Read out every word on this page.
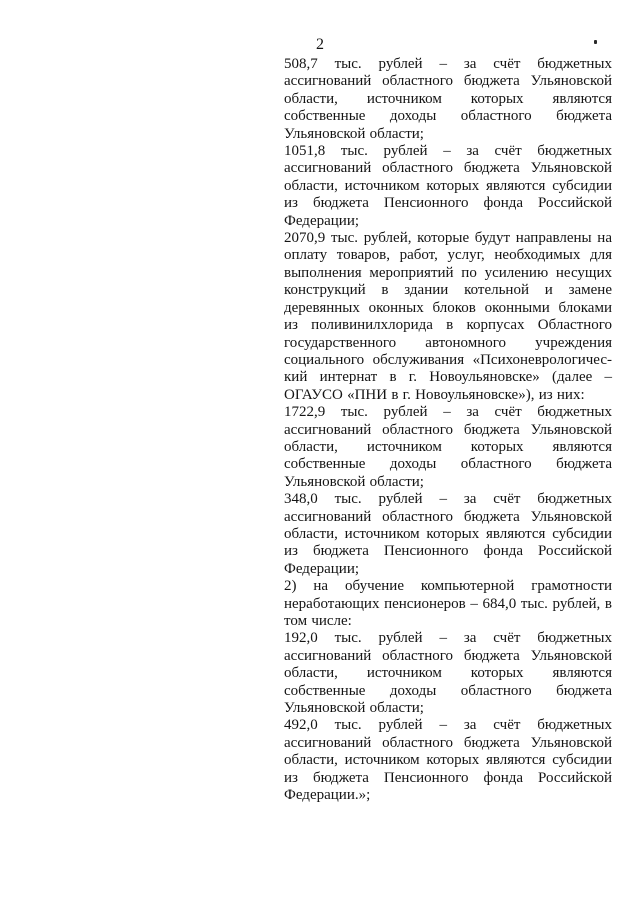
2

508,7 тыс. рублей – за счёт бюджетных ассигнований областного бюджета Ульяновской области, источником которых являются собственные доходы областного бюджета Ульяновской области;

1051,8 тыс. рублей – за счёт бюджетных ассигнований областного бюджета Ульяновской области, источником которых являются субсидии из бюджета Пенсионного фонда Российской Федерации;

2070,9 тыс. рублей, которые будут направлены на оплату товаров, работ, услуг, необходимых для выполнения мероприятий по усилению несущих конструкций в здании котельной и замене деревянных оконных блоков оконными блоками из поливинилхлорида в корпусах Областного государственного автономного учреждения социального обслуживания «Психоневрологичес-кий интернат в г. Новоульяновске» (далее – ОГАУСО «ПНИ в г. Новоульяновске»), из них:

1722,9 тыс. рублей – за счёт бюджетных ассигнований областного бюджета Ульяновской области, источником которых являются собственные доходы областного бюджета Ульяновской области;

348,0 тыс. рублей – за счёт бюджетных ассигнований областного бюджета Ульяновской области, источником которых являются субсидии из бюджета Пенсионного фонда Российской Федерации;

2) на обучение компьютерной грамотности неработающих пенсионеров – 684,0 тыс. рублей, в том числе:

192,0 тыс. рублей – за счёт бюджетных ассигнований областного бюджета Ульяновской области, источником которых являются собственные доходы областного бюджета Ульяновской области;

492,0 тыс. рублей – за счёт бюджетных ассигнований областного бюджета Ульяновской области, источником которых являются субсидии из бюджета Пенсионного фонда Российской Федерации.»;
